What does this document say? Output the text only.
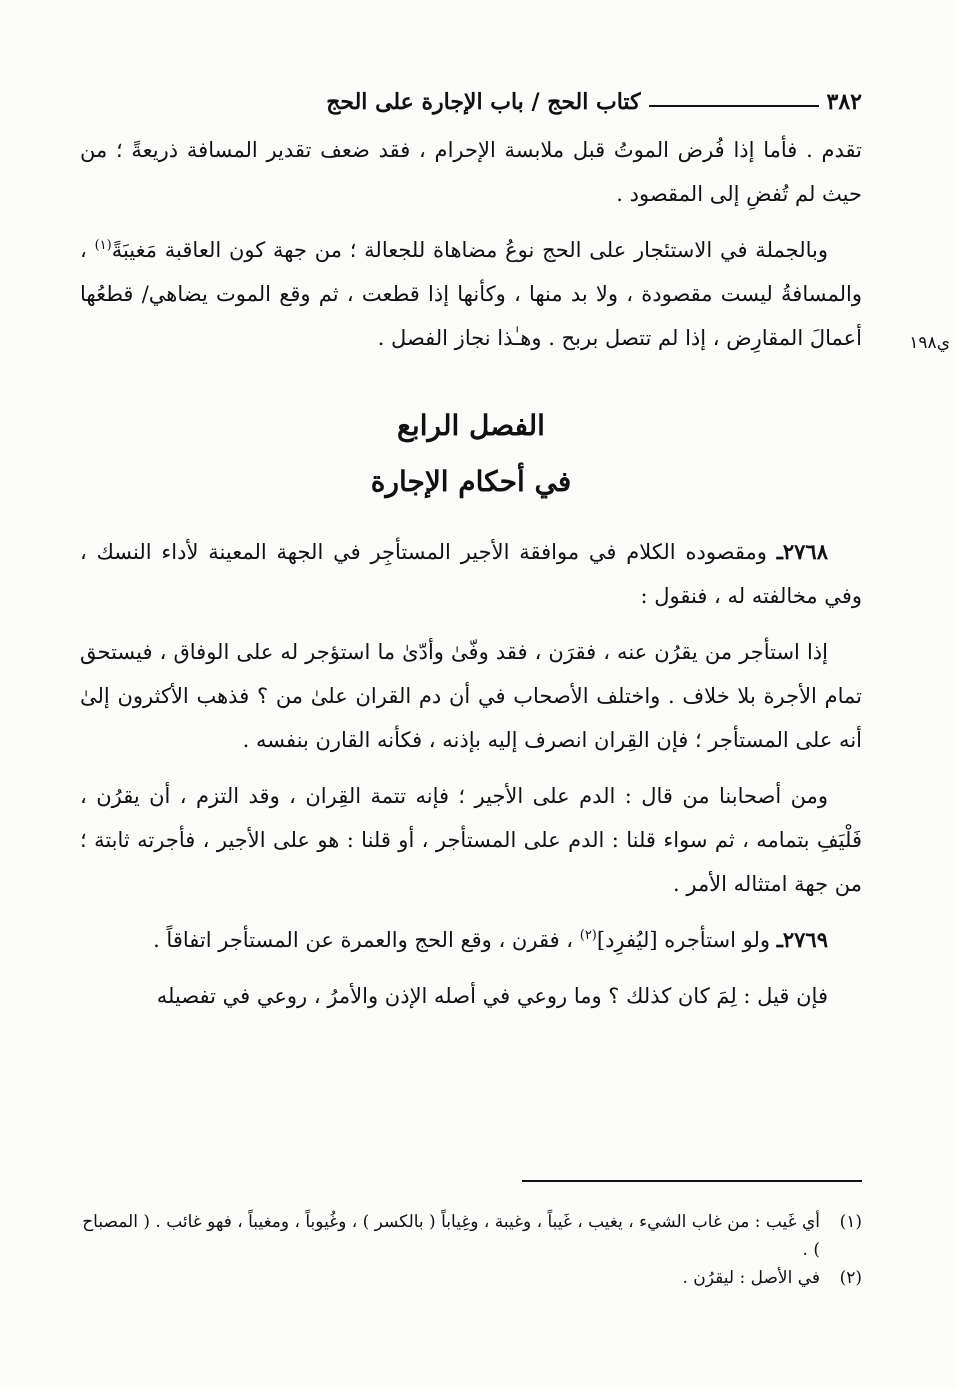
٣٨٢
كتاب الحج / باب الإجارة على الحج
ي١٩٨

تقدم . فأما إذا فُرض الموتُ قبل ملابسة الإحرام ، فقد ضعف تقدير المسافة ذريعةً ؛ من حيث لم تُفضِ إلى المقصود .

وبالجملة في الاستئجار على الحج نوعُ مضاهاة للجعالة ؛ من جهة كون العاقبة مَغيبَةً$^{(١)}$ ، والمسافةُ ليست مقصودة ، ولا بد منها ، وكأنها إذا قطعت ، ثم وقع الموت يضاهي/ قطعُها أعمالَ المقارِض ، إذا لم تتصل بربح . وهـٰذا نجاز الفصل .

الفصل الرابع
في أحكام الإجارة

٢٧٦٨ـ ومقصوده الكلام في موافقة الأجير المستأجِر في الجهة المعينة لأداء النسك ، وفي مخالفته له ، فنقول :

إذا استأجر من يقرُن عنه ، فقرَن ، فقد وفّىٰ وأدّىٰ ما استؤجر له على الوفاق ، فيستحق تمام الأجرة بلا خلاف . واختلف الأصحاب في أن دم القران علىٰ من ؟ فذهب الأكثرون إلىٰ أنه على المستأجر ؛ فإن القِران انصرف إليه بإذنه ، فكأنه القارن بنفسه .

ومن أصحابنا من قال : الدم على الأجير ؛ فإنه تتمة القِران ، وقد التزم ، أن يقرُن ، فَلْيَفِ بتمامه ، ثم سواء قلنا : الدم على المستأجر ، أو قلنا : هو على الأجير ، فأجرته ثابتة ؛ من جهة امتثاله الأمر .

٢٧٦٩ـ ولو استأجره [ليُفرِد]$^{(٢)}$ ، فقرن ، وقع الحج والعمرة عن المستأجر اتفاقاً .

فإن قيل : لِمَ كان كذلك ؟ وما روعي في أصله الإذن والأمرُ ، روعي في تفصيله

(١)
أي غَيب : من غاب الشيء ، يغيب ، غَيباً ، وغيبة ، وغِياباً ( بالكسر ) ، وغُيوباً ، ومغيباً ، فهو غائب . ( المصباح ) .
(٢)
في الأصل : ليقرُن .
